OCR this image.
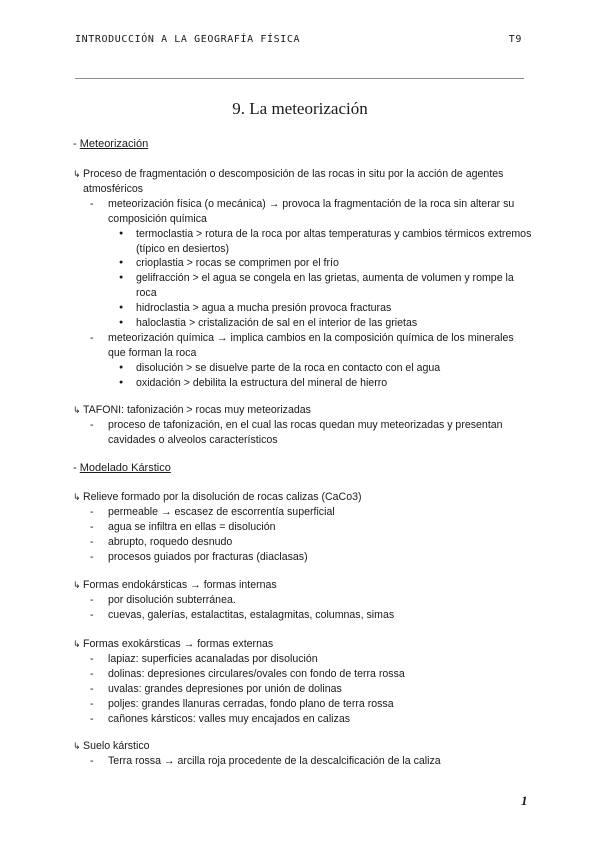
INTRODUCCIÓN A LA GEOGRAFÍA FÍSICA	T9
9. La meteorización
- Meteorización
↳ Proceso de fragmentación o descomposición de las rocas in situ por la acción de agentes atmosféricos
- meteorización física (o mecánica) → provoca la fragmentación de la roca sin alterar su composición química
● termoclastia > rotura de la roca por altas temperaturas y cambios térmicos extremos (típico en desiertos)
● crioplastia > rocas se comprimen por el frío
● gelifracción > el agua se congela en las grietas, aumenta de volumen y rompe la roca
● hidroclastia > agua a mucha presión provoca fracturas
● haloclastia > cristalización de sal en el interior de las grietas
- meteorización química → implica cambios en la composición química de los minerales que forman la roca
● disolución > se disuelve parte de la roca en contacto con el agua
● oxidación > debilita la estructura del mineral de hierro
↳ TAFONI: tafonización > rocas muy meteorizadas
- proceso de tafonización, en el cual las rocas quedan muy meteorizadas y presentan cavidades o alveolos característicos
- Modelado Kárstico
↳ Relieve formado por la disolución de rocas calizas (CaCo3)
- permeable → escasez de escorrentía superficial
- agua se infiltra en ellas = disolución
- abrupto, roquedo desnudo
- procesos guiados por fracturas (diaclasas)
↳ Formas endokársticas → formas internas
- por disolución subterránea.
- cuevas, galerías, estalactitas, estalagmitas, columnas, simas
↳ Formas exokársticas → formas externas
- lapiaz: superficies acanaladas por disolución
- dolinas: depresiones circulares/ovales con fondo de terra rossa
- uvalas: grandes depresiones por unión de dolinas
- poljes: grandes llanuras cerradas, fondo plano de terra rossa
- cañones kársticos: valles muy encajados en calizas
↳ Suelo kárstico
- Terra rossa → arcilla roja procedente de la descalcificación de la caliza
1
